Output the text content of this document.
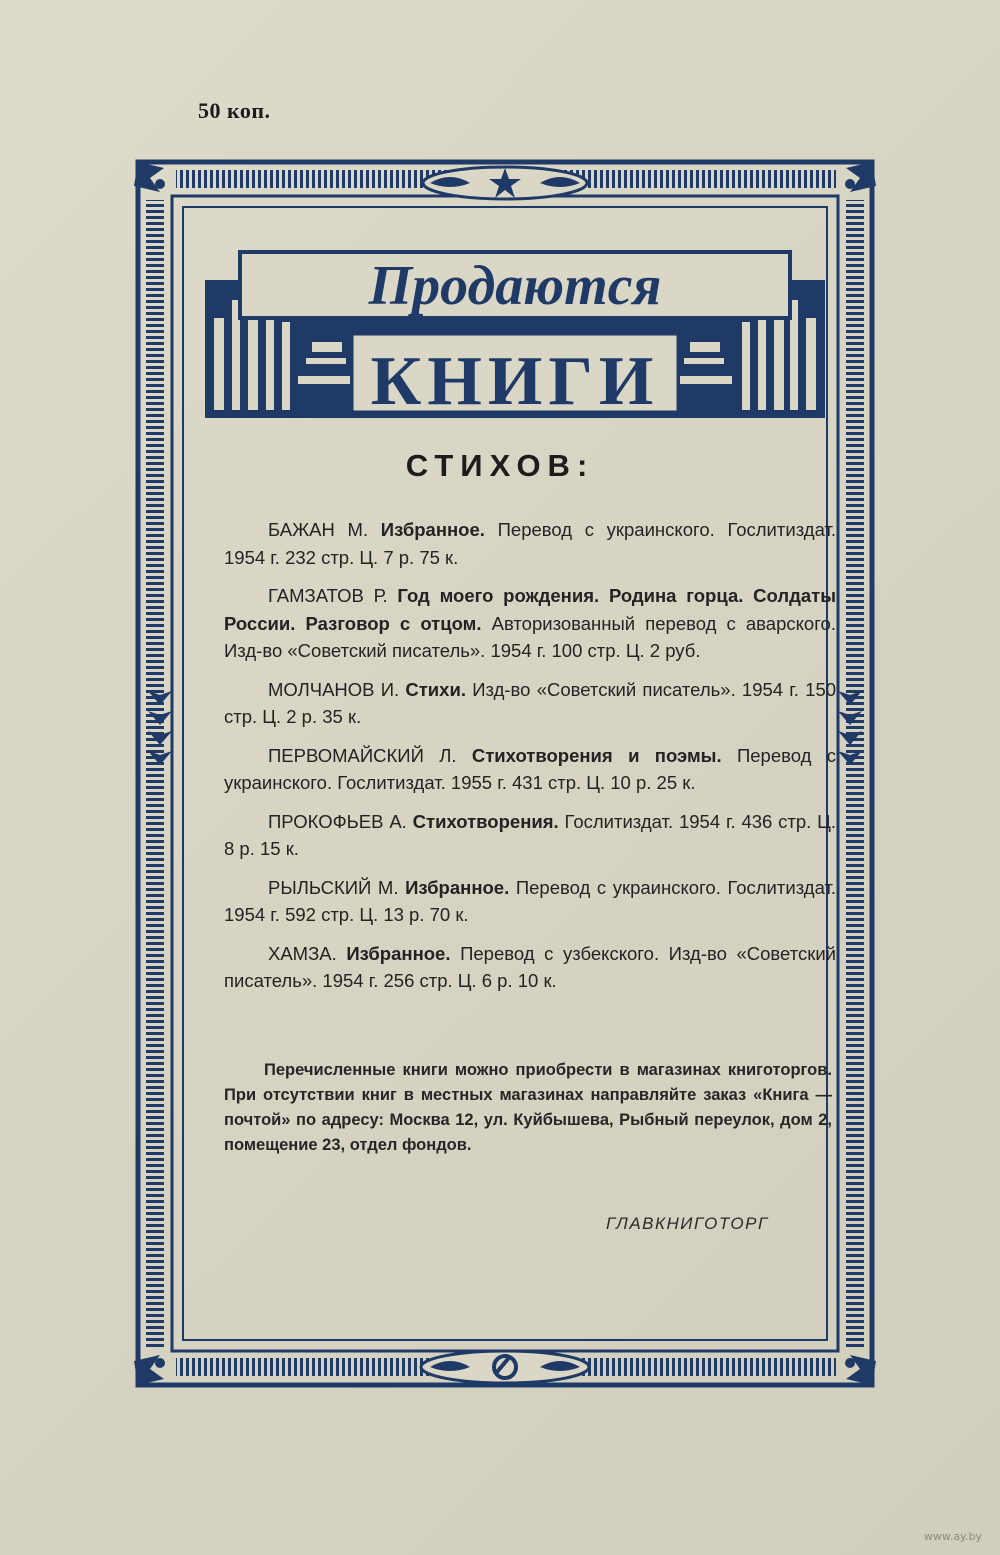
50 коп.
Продаются
КНИГИ
СТИХОВ:

БАЖАН М. Избранное. Перевод с украинского. Гослитиздат. 1954 г. 232 стр. Ц. 7 р. 75 к.

ГАМЗАТОВ Р. Год моего рождения. Родина горца. Солдаты России. Разговор с отцом. Авторизованный перевод с аварского. Изд-во «Советский писатель». 1954 г. 100 стр. Ц. 2 руб.

МОЛЧАНОВ И. Стихи. Изд-во «Советский писатель». 1954 г. 150 стр. Ц. 2 р. 35 к.

ПЕРВОМАЙСКИЙ Л. Стихотворения и поэмы. Перевод с украинского. Гослитиздат. 1955 г. 431 стр. Ц. 10 р. 25 к.

ПРОКОФЬЕВ А. Стихотворения. Гослитиздат. 1954 г. 436 стр. Ц. 8 р. 15 к.

РЫЛЬСКИЙ М. Избранное. Перевод с украинского. Гослитиздат. 1954 г. 592 стр. Ц. 13 р. 70 к.

ХАМЗА. Избранное. Перевод с узбекского. Изд-во «Советский писатель». 1954 г. 256 стр. Ц. 6 р. 10 к.

Перечисленные книги можно приобрести в магазинах книготоргов. При отсутствии книг в местных магазинах направляйте заказ «Книга — почтой» по адресу: Москва 12, ул. Куйбышева, Рыбный переулок, дом 2, помещение 23, отдел фондов.
ГЛАВКНИГОТОРГ
www.ay.by
